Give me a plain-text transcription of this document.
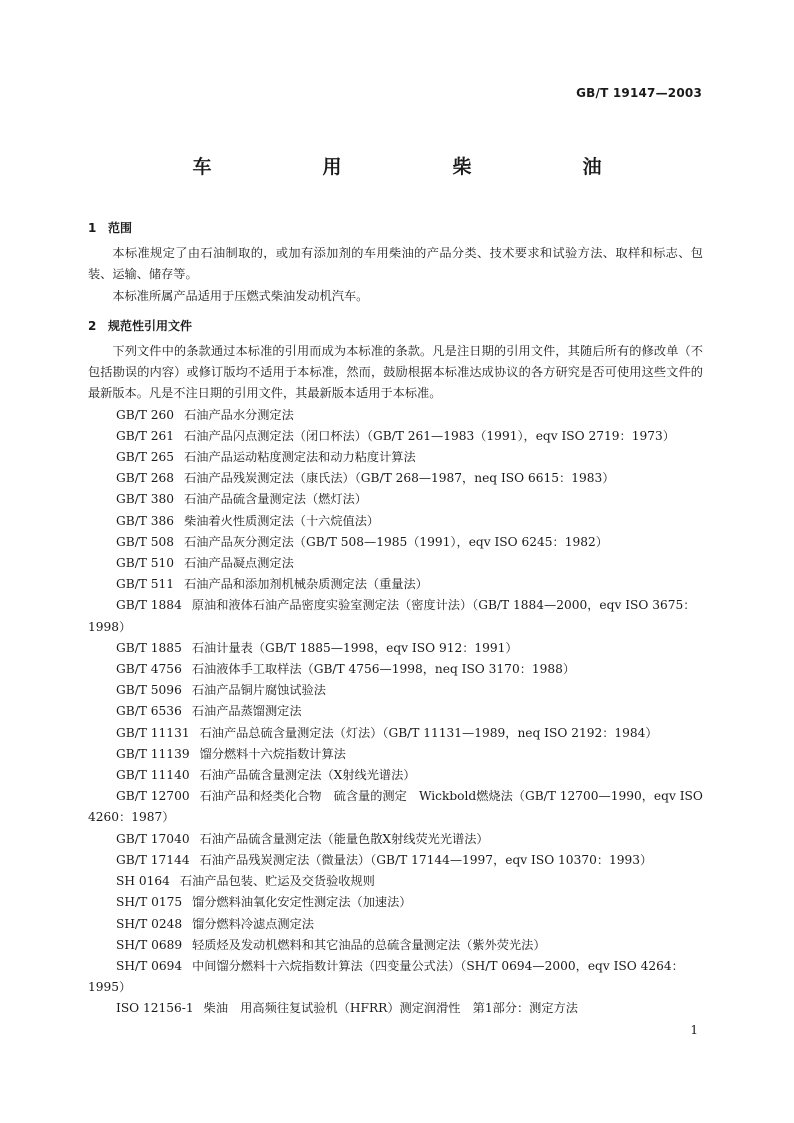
GB/T 19147—2003
车　用　柴　油
1 范围

本标准规定了由石油制取的，或加有添加剂的车用柴油的产品分类、技术要求和试验方法、取样和标志、包装、运输、储存等。

本标准所属产品适用于压燃式柴油发动机汽车。

2 规范性引用文件

下列文件中的条款通过本标准的引用而成为本标准的条款。凡是注日期的引用文件，其随后所有的修改单（不包括勘误的内容）或修订版均不适用于本标准，然而，鼓励根据本标准达成协议的各方研究是否可使用这些文件的最新版本。凡是不注日期的引用文件，其最新版本适用于本标准。

GB/T 260 石油产品水分测定法

GB/T 261 石油产品闪点测定法（闭口杯法）（GB/T 261—1983（1991），eqv ISO 2719：1973）

GB/T 265 石油产品运动粘度测定法和动力粘度计算法

GB/T 268 石油产品残炭测定法（康氏法）（GB/T 268—1987，neq ISO 6615：1983）

GB/T 380 石油产品硫含量测定法（燃灯法）

GB/T 386 柴油着火性质测定法（十六烷值法）

GB/T 508 石油产品灰分测定法（GB/T 508—1985（1991），eqv ISO 6245：1982）

GB/T 510 石油产品凝点测定法

GB/T 511 石油产品和添加剂机械杂质测定法（重量法）

GB/T 1884 原油和液体石油产品密度实验室测定法（密度计法）（GB/T 1884—2000，eqv ISO 3675：1998）

GB/T 1885 石油计量表（GB/T 1885—1998，eqv ISO 912：1991）

GB/T 4756 石油液体手工取样法（GB/T 4756—1998，neq ISO 3170：1988）

GB/T 5096 石油产品铜片腐蚀试验法

GB/T 6536 石油产品蒸馏测定法

GB/T 11131 石油产品总硫含量测定法（灯法）（GB/T 11131—1989，neq ISO 2192：1984）

GB/T 11139 馏分燃料十六烷指数计算法

GB/T 11140 石油产品硫含量测定法（X射线光谱法）

GB/T 12700 石油产品和烃类化合物　硫含量的测定　Wickbold燃烧法（GB/T 12700—1990，eqv ISO 4260：1987）

GB/T 17040 石油产品硫含量测定法（能量色散X射线荧光光谱法）

GB/T 17144 石油产品残炭测定法（微量法）（GB/T 17144—1997，eqv ISO 10370：1993）

SH 0164 石油产品包装、贮运及交货验收规则

SH/T 0175 馏分燃料油氧化安定性测定法（加速法）

SH/T 0248 馏分燃料冷滤点测定法

SH/T 0689 轻质烃及发动机燃料和其它油品的总硫含量测定法（紫外荧光法）

SH/T 0694 中间馏分燃料十六烷指数计算法（四变量公式法）（SH/T 0694—2000，eqv ISO 4264：1995）

ISO 12156-1 柴油　用高频往复试验机（HFRR）测定润滑性　第1部分：测定方法

1
